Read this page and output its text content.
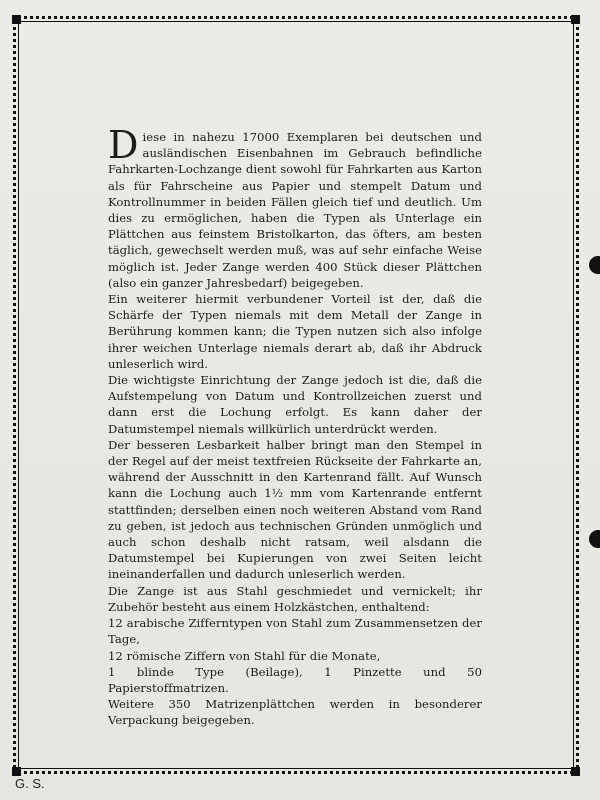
Diese in nahezu 17000 Exemplaren bei deutschen und ausländischen Eisenbahnen im Gebrauch befindliche Fahrkarten-Lochzange dient sowohl für Fahrkarten aus Karton als für Fahrscheine aus Papier und stempelt Datum und Kontrollnummer in beiden Fällen gleich tief und deutlich. Um dies zu ermöglichen, haben die Typen als Unterlage ein Plättchen aus feinstem Bristolkarton, das öfters, am besten täglich, gewechselt werden muß, was auf sehr einfache Weise möglich ist. Jeder Zange werden 400 Stück dieser Plättchen (also ein ganzer Jahresbedarf) beigegeben.

Ein weiterer hiermit verbundener Vorteil ist der, daß die Schärfe der Typen niemals mit dem Metall der Zange in Berührung kommen kann; die Typen nutzen sich also infolge ihrer weichen Unterlage niemals derart ab, daß ihr Abdruck unleserlich wird.

Die wichtigste Einrichtung der Zange jedoch ist die, daß die Aufstempelung von Datum und Kontrollzeichen zuerst und dann erst die Lochung erfolgt. Es kann daher der Datumstempel niemals willkürlich unterdrückt werden.

Der besseren Lesbarkeit halber bringt man den Stempel in der Regel auf der meist textfreien Rückseite der Fahrkarte an, während der Ausschnitt in den Kartenrand fällt. Auf Wunsch kann die Lochung auch 1½ mm vom Kartenrande entfernt stattfinden; derselben einen noch weiteren Abstand vom Rand zu geben, ist jedoch aus technischen Gründen unmöglich und auch schon deshalb nicht ratsam, weil alsdann die Datumstempel bei Kupierungen von zwei Seiten leicht ineinanderfallen und dadurch unleserlich werden.

Die Zange ist aus Stahl geschmiedet und vernickelt; ihr Zubehör besteht aus einem Holzkästchen, enthaltend:

12 arabische Zifferntypen von Stahl zum Zusammensetzen der Tage,

12 römische Ziffern von Stahl für die Monate,

1 blinde Type (Beilage), 1 Pinzette und 50 Papierstoffmatrizen.

Weitere 350 Matrizenplättchen werden in besonderer Verpackung beigegeben.

G. S.
